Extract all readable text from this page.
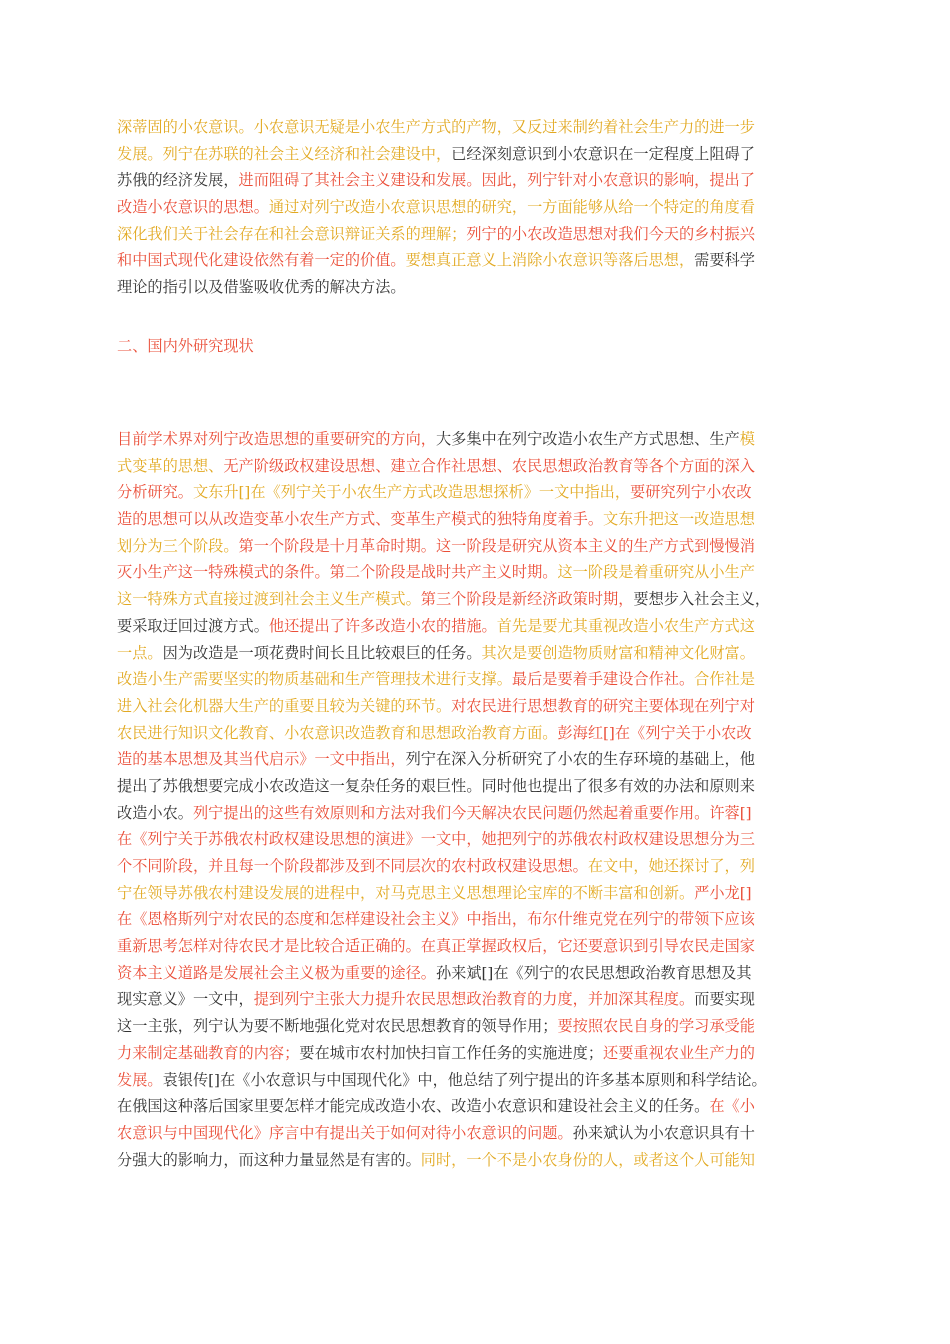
深蒂固的小农意识。小农意识无疑是小农生产方式的产物，又反过来制约着社会生产力的进一步
发展。列宁在苏联的社会主义经济和社会建设中，已经深刻意识到小农意识在一定程度上阻碍了
苏俄的经济发展，进而阻碍了其社会主义建设和发展。因此，列宁针对小农意识的影响，提出了
改造小农意识的思想。通过对列宁改造小农意识思想的研究，一方面能够从给一个特定的角度看
深化我们关于社会存在和社会意识辩证关系的理解；列宁的小农改造思想对我们今天的乡村振兴
和中国式现代化建设依然有着一定的价值。要想真正意义上消除小农意识等落后思想，需要科学
理论的指引以及借鉴吸收优秀的解决方法。
二、国内外研究现状
目前学术界对列宁改造思想的重要研究的方向，大多集中在列宁改造小农生产方式思想、生产模
式变革的思想、无产阶级政权建设思想、建立合作社思想、农民思想政治教育等各个方面的深入
分析研究。文东升[]在《列宁关于小农生产方式改造思想探析》一文中指出，要研究列宁小农改
造的思想可以从改造变革小农生产方式、变革生产模式的独特角度着手。文东升把这一改造思想
划分为三个阶段。第一个阶段是十月革命时期。这一阶段是研究从资本主义的生产方式到慢慢消
灭小生产这一特殊模式的条件。第二个阶段是战时共产主义时期。这一阶段是着重研究从小生产
这一特殊方式直接过渡到社会主义生产模式。第三个阶段是新经济政策时期，要想步入社会主义，
要采取迂回过渡方式。他还提出了许多改造小农的措施。首先是要尤其重视改造小农生产方式这
一点。因为改造是一项花费时间长且比较艰巨的任务。其次是要创造物质财富和精神文化财富。
改造小生产需要坚实的物质基础和生产管理技术进行支撑。最后是要着手建设合作社。合作社是
进入社会化机器大生产的重要且较为关键的环节。对农民进行思想教育的研究主要体现在列宁对
农民进行知识文化教育、小农意识改造教育和思想政治教育方面。彭海红[]在《列宁关于小农改
造的基本思想及其当代启示》一文中指出，列宁在深入分析研究了小农的生存环境的基础上，他
提出了苏俄想要完成小农改造这一复杂任务的艰巨性。同时他也提出了很多有效的办法和原则来
改造小农。列宁提出的这些有效原则和方法对我们今天解决农民问题仍然起着重要作用。许蓉[]
在《列宁关于苏俄农村政权建设思想的演进》一文中，她把列宁的苏俄农村政权建设思想分为三
个不同阶段，并且每一个阶段都涉及到不同层次的农村政权建设思想。在文中，她还探讨了，列
宁在领导苏俄农村建设发展的进程中，对马克思主义思想理论宝库的不断丰富和创新。严小龙[]
在《恩格斯列宁对农民的态度和怎样建设社会主义》中指出，布尔什维克党在列宁的带领下应该
重新思考怎样对待农民才是比较合适正确的。在真正掌握政权后，它还要意识到引导农民走国家
资本主义道路是发展社会主义极为重要的途径。孙来斌[]在《列宁的农民思想政治教育思想及其
现实意义》一文中，提到列宁主张大力提升农民思想政治教育的力度，并加深其程度。而要实现
这一主张，列宁认为要不断地强化党对农民思想教育的领导作用；要按照农民自身的学习承受能
力来制定基础教育的内容；要在城市农村加快扫盲工作任务的实施进度；还要重视农业生产力的
发展。袁银传[]在《小农意识与中国现代化》中，他总结了列宁提出的许多基本原则和科学结论。
在俄国这种落后国家里要怎样才能完成改造小农、改造小农意识和建设社会主义的任务。在《小
农意识与中国现代化》序言中有提出关于如何对待小农意识的问题。孙来斌认为小农意识具有十
分强大的影响力，而这种力量显然是有害的。同时，一个不是小农身份的人，或者这个人可能知
